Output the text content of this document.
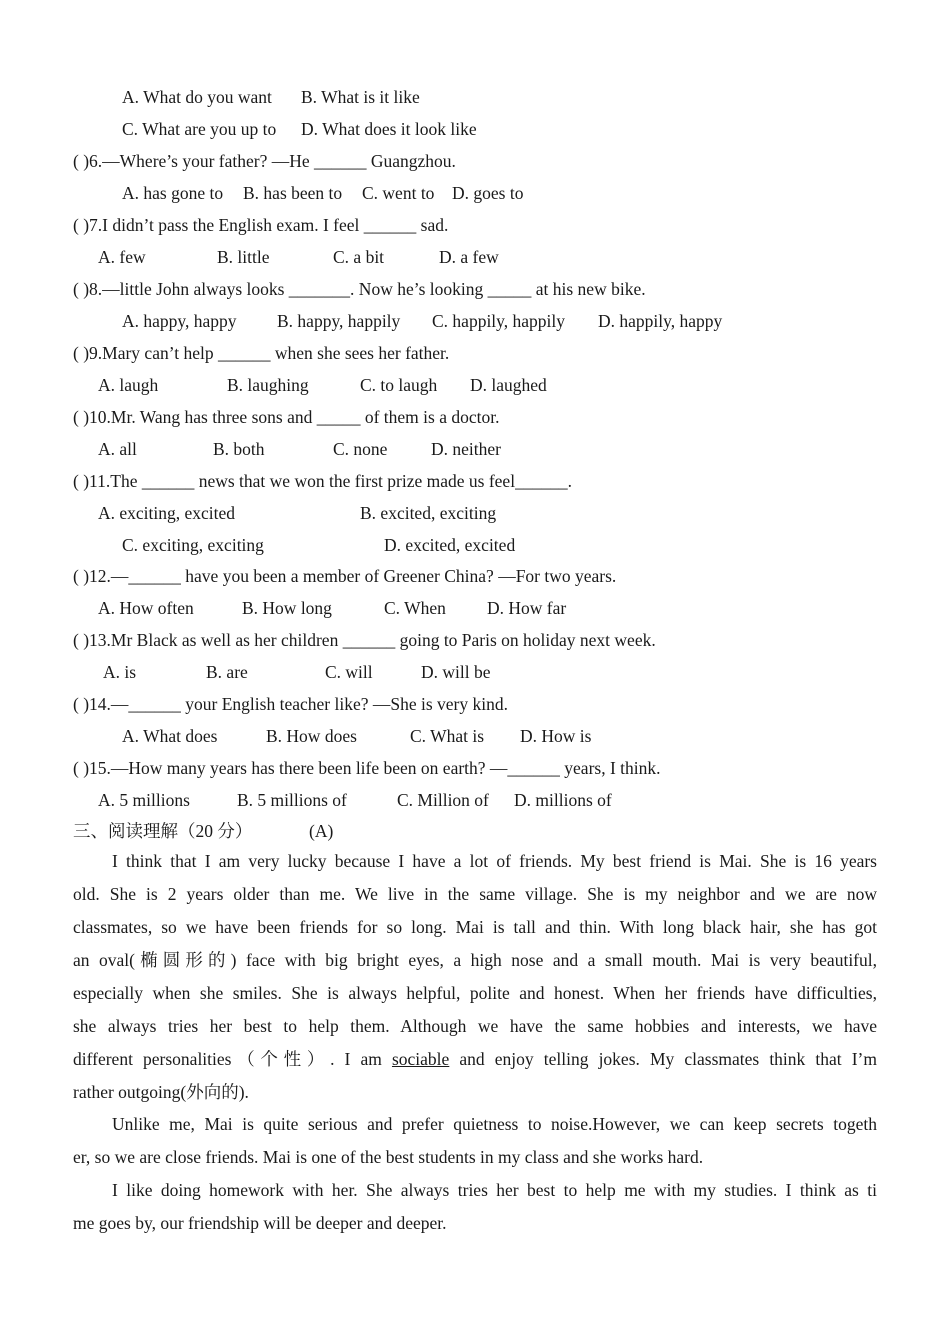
A. What do you want B. What is it like
C. What are you up to D. What does it look like
( )6.—Where’s your father? —He ______ Guangzhou.
A. has gone to B. has been to C. went to D. goes to
( )7.I didn’t pass the English exam. I feel ______ sad.
A. few	B. little	C. a bit	D. a few
( )8.—little John always looks _______. Now he’s looking _____ at his new bike.
A. happy, happy B. happy, happily C. happily, happily D. happily, happy
( )9.Mary can’t help ______ when she sees her father.
A. laugh	B. laughing	C. to laugh D. laughed
( )10.Mr. Wang has three sons and _____ of them is a doctor.
A. all	B. both	C. none D. neither
( )11.The ______ news that we won the first prize made us feel______.
A. exciting, excited	B. excited, exciting
C. exciting, exciting	D. excited, excited
( )12.—______ have you been a member of Greener China? —For two years.
A. How often	B. How long	C. When D. How far
( )13.Mr Black as well as her children ______ going to Paris on holiday next week.
A. is	B. are	C. will	D. will be
( )14.—______ your English teacher like? —She is very kind.
A. What does	B. How does	C. What is D. How is
( )15.—How many years has there been life been on earth? —______ years, I think.
A. 5 millions	B. 5 millions of	C. Million of D. millions of
三、阅读理解（20 分）	(A)
I think that I am very lucky because I have a lot of friends. My best friend is Mai. She is 16 years
old. She is 2 years older than me. We live in the same village. She is my neighbor and we are now
classmates, so we have been friends for so long. Mai is tall and thin. With long black hair, she has got
an oval(椭圆形的) face with big bright eyes, a high nose and a small mouth. Mai is very beautiful,
especially when she smiles. She is always helpful, polite and honest. When her friends have difficulties,
she always tries her best to help them. Although we have the same hobbies and interests, we have
different personalities（个性）. I am sociable and enjoy telling jokes. My classmates think that I’m
rather outgoing(外向的).
Unlike me, Mai is quite serious and prefer quietness to noise.However, we can keep secrets togeth
er, so we are close friends. Mai is one of the best students in my class and she works hard.
I like doing homework with her. She always tries her best to help me with my studies. I think as ti
me goes by, our friendship will be deeper and deeper.
